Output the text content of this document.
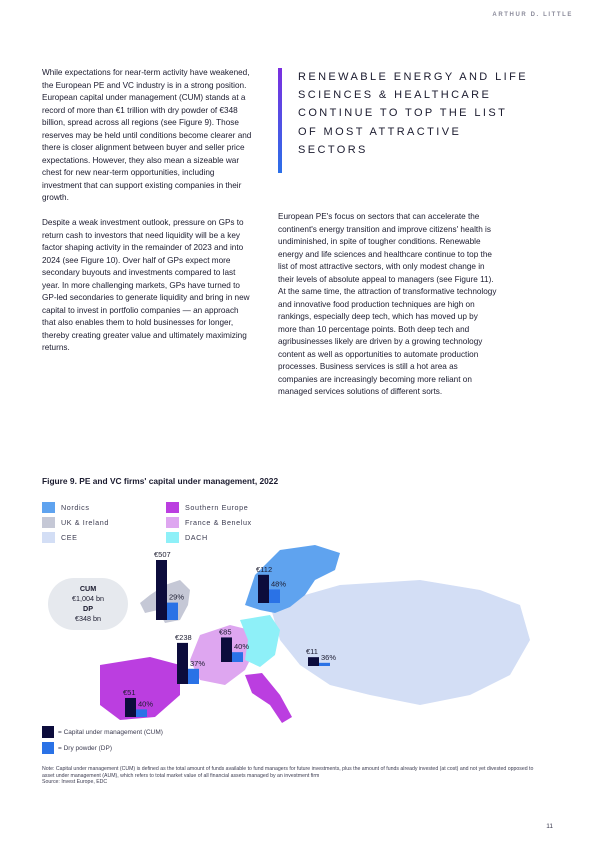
ARTHUR D. LITTLE

While expectations for near-term activity have weakened, the European PE and VC industry is in a strong position. European capital under management (CUM) stands at a record of more than €1 trillion with dry powder of €348 billion, spread across all regions (see Figure 9). Those reserves may be held until conditions become clearer and there is closer alignment between buyer and seller price expectations. However, they also mean a sizeable war chest for new near-term opportunities, including investment that can support existing companies in their growth.

Despite a weak investment outlook, pressure on GPs to return cash to investors that need liquidity will be a key factor shaping activity in the remainder of 2023 and into 2024 (see Figure 10). Over half of GPs expect more secondary buyouts and investments compared to last year. In more challenging markets, GPs have turned to GP-led secondaries to generate liquidity and bring in new capital to invest in portfolio companies — an approach that also enables them to hold businesses for longer, thereby creating greater value and ultimately maximizing returns.

RENEWABLE ENERGY AND LIFE SCIENCES & HEALTHCARE CONTINUE TO TOP THE LIST OF MOST ATTRACTIVE SECTORS

European PE's focus on sectors that can accelerate the continent's energy transition and improve citizens' health is undiminished, in spite of tougher conditions. Renewable energy and life sciences and healthcare continue to top the list of most attractive sectors, with only modest change in their levels of absolute appeal to managers (see Figure 11). At the same time, the attraction of transformative technology and innovative food production techniques are high on rankings, especially deep tech, which has moved up by more than 10 percentage points. Both deep tech and agribusinesses likely are driven by a growing technology content as well as opportunities to automate production processes. Business services is still a hot area as companies are increasingly becoming more reliant on managed services solutions of different sorts.

Figure 9. PE and VC firms' capital under management, 2022
Nordics
UK & Ireland
CEE
Southern Europe
France & Benelux
DACH
€507
29%
€112
48%
€85
40%
€238
37%
€51
40%
€11
36%
CUM
€1,004 bn
DP
€348 bn
= Capital under management (CUM)
= Dry powder (DP)
Note: Capital under management (CUM) is defined as the total amount of funds available to fund managers for future investments, plus the amount of funds already invested (at cost) and not yet divested opposed to asset under management (AUM), which refers to total market value of all financial assets managed by an investment firm
Source: Invest Europe, EDC
11
